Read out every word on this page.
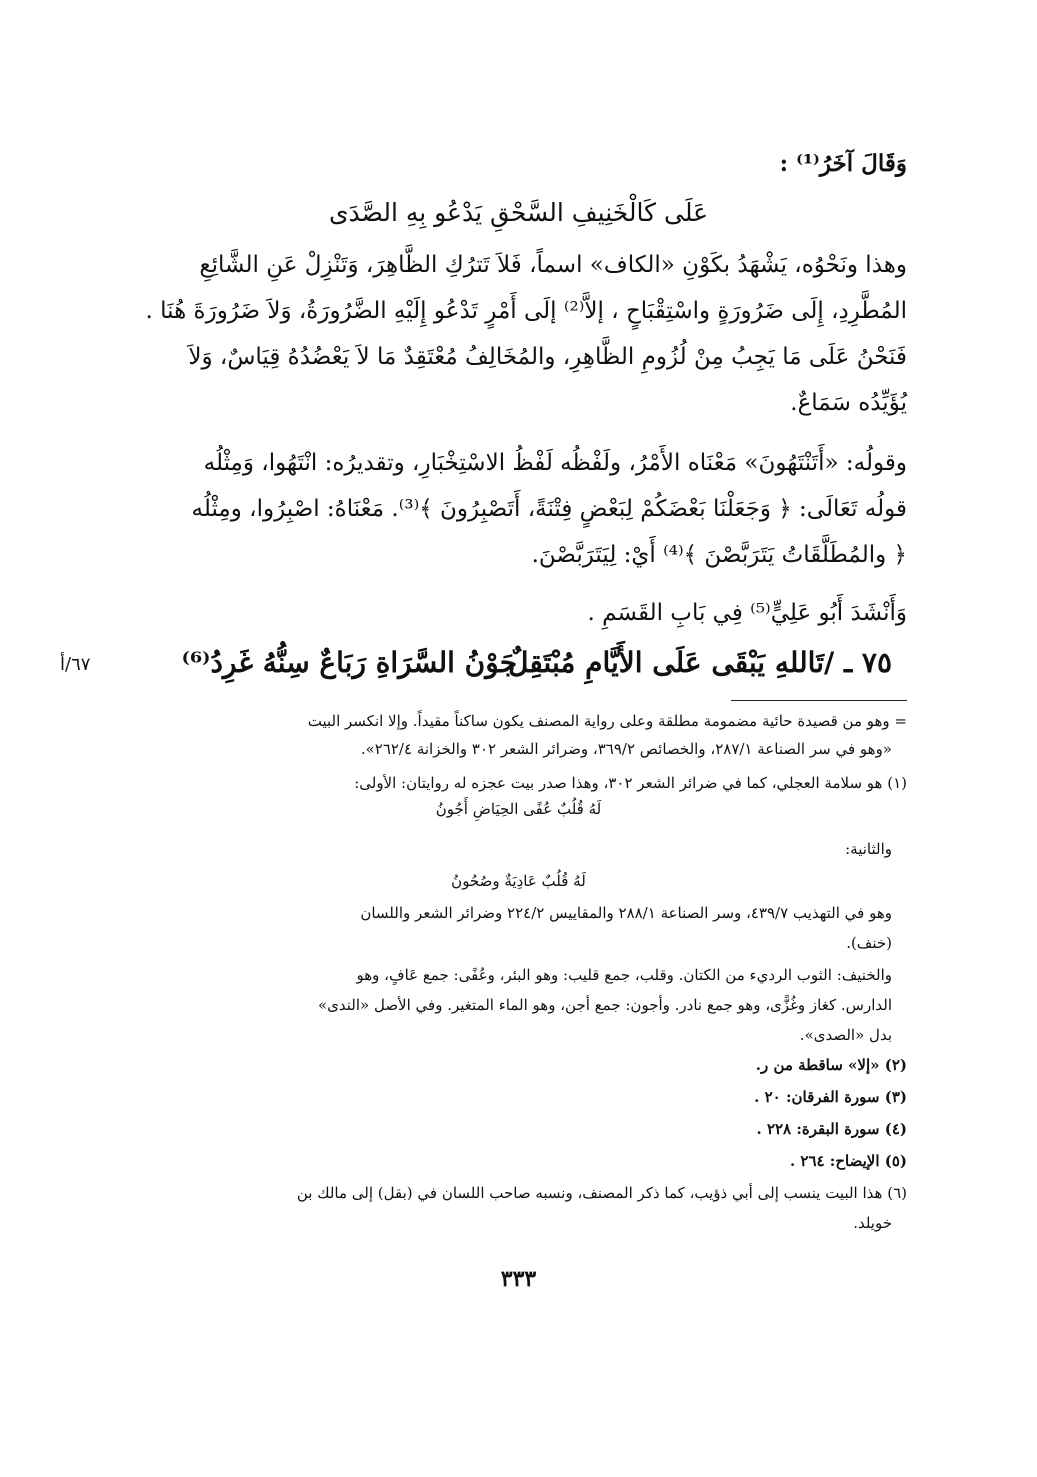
وَقَالَ آخَرُ⁽¹⁾ :
عَلَى كَالْخَنِيفِ السَّحْقِ يَدْعُو بِهِ الصَّدَى
وهذا ونَحْوُه، يَشْهَدُ بكَوْنِ «الكاف» اسماً، فَلاَ تَترُكِ الظَّاهِرَ، وَتَنْزِلْ عَنِ الشَّائِعِ
المُطَّرِدِ، إِلَى ضَرُورَةٍ واسْتِقْبَاحٍ ، إلاَّ⁽²⁾ إلَى أَمْرٍ تَدْعُو إِلَيْهِ الضَّرُورَةُ، وَلاَ ضَرُورَةَ هُنَا .
فَنَحْنُ عَلَى مَا يَجِبُ مِنْ لُزُومِ الظَّاهِرِ، والمُخَالِفُ مُعْتَقِدٌ مَا لاَ يَعْضُدُهُ قِيَاسٌ، وَلاَ
يُؤَيِّدُه سَمَاعٌ.
وقولُه: «أَتَنْتَهُونَ» مَعْنَاه الأَمْرُ، ولَفْظُه لَفْظُ الاسْتِخْبَارِ، وتقديرُه: انْتَهُوا، وَمِثْلُه
قولُه تَعَالَى: ﴿ وَجَعَلْنَا بَعْضَكُمْ لِبَعْضٍ فِتْنَةً، أَتَصْبِرُونَ ﴾⁽³⁾. مَعْنَاهُ: اصْبِرُوا، ومِثْلُه
﴿ والمُطَلَّقَاتُ يَتَرَبَّصْنَ ﴾⁽⁴⁾ أَيْ: لِيَتَرَبَّصْنَ.
وَأَنْشَدَ أَبُو عَلِيٍّ⁽⁵⁾ فِي بَابِ القَسَمِ .
٧٥ ـ /تَاللهِ يَبْقَى عَلَى الأَيَّامِ مُبْتَقِلٌ
جَوْنُ السَّرَاةِ رَبَاعٌ سِنُّهُ غَرِدُ⁽⁶⁾
٦٧/أ
= وهو من قصيدة حائية مضمومة مطلقة وعلى رواية المصنف يكون ساكناً مقيداً. وإلا انكسر البيت
«وهو في سر الصناعة ٢٨٧/١، والخصائص ٣٦٩/٢، وضرائر الشعر ٣٠٢ والخزانة ٢٦٢/٤».
(١) هو سلامة العجلي، كما في ضرائر الشعر ٣٠٢، وهذا صدر بيت عجزه له روايتان: الأولى:
لَهُ قُلُبٌ عُفًى الحِيَاضِ أَجُونُ
والثانية:
لَهُ قُلُبٌ عَادِيَةٌ وصُحُونُ
وهو في التهذيب ٤٣٩/٧، وسر الصناعة ٢٨٨/١ والمقاييس ٢٢٤/٢ وضرائر الشعر واللسان
(خنف).
والخنيف: الثوب الرديء من الكتان. وقلب، جمع قليب: وهو البئر، وعُفًى: جمع عَافٍ، وهو
الدارس. كغاز وغُزًّى، وهو جمع نادر. وأجون: جمع أجن، وهو الماء المتغير. وفي الأصل «الندى»
بدل «الصدى».
(٢) «إلا» ساقطة من ر.
(٣) سورة الفرقان: ٢٠ .
(٤) سورة البقرة: ٢٢٨ .
(٥) الإيضاح: ٢٦٤ .
(٦) هذا البيت ينسب إلى أبي ذؤيب، كما ذكر المصنف، ونسبه صاحب اللسان في (بقل) إلى مالك بن
خويلد.
٣٣٣
